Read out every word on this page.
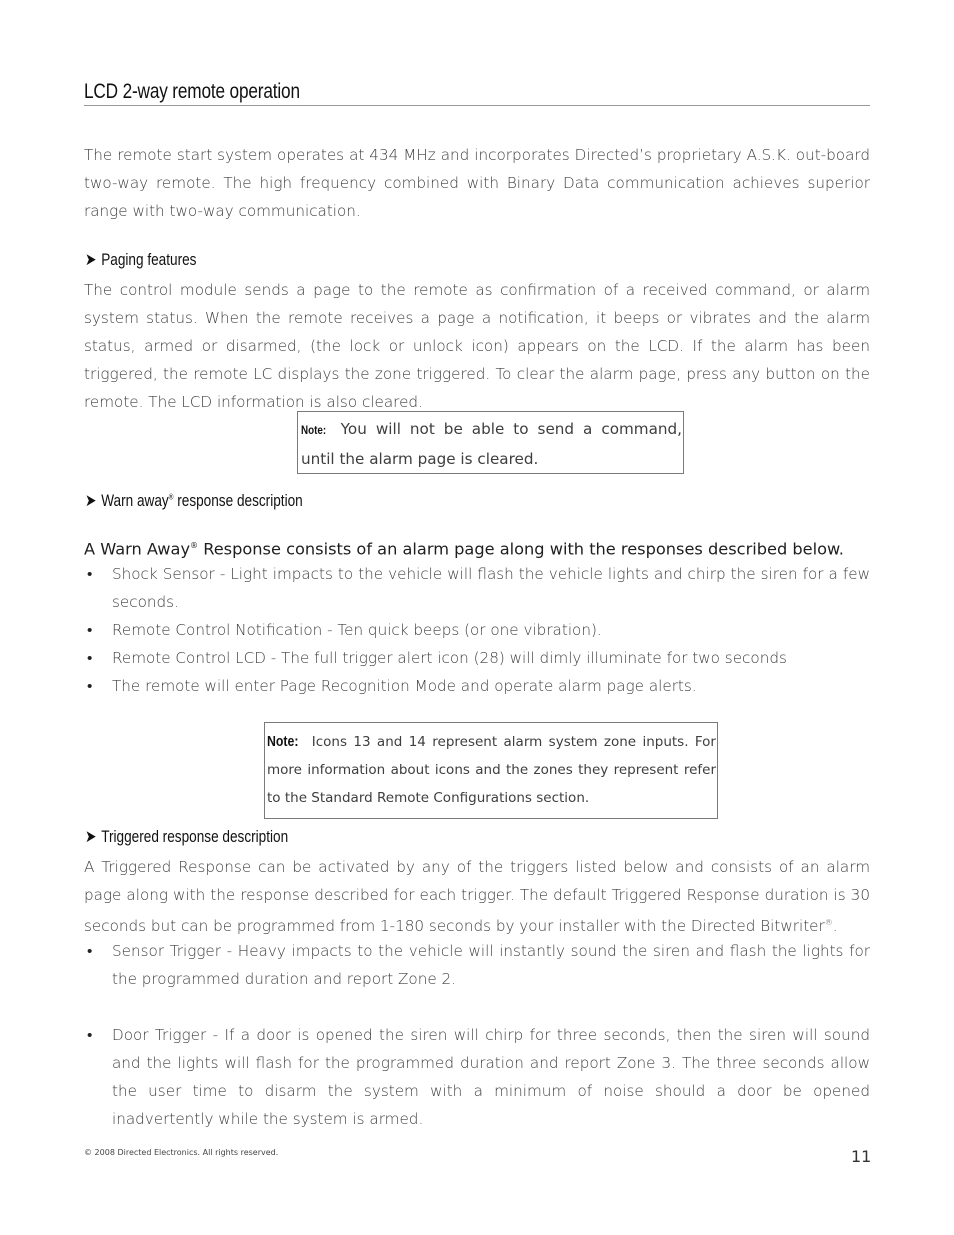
LCD 2-way remote operation

The remote start system operates at 434 MHz and incorporates Directed’s proprietary A.S.K. out-board two-way remote. The high frequency combined with Binary Data communication achieves superior range with two-way communication.

➤ Paging features

The control module sends a page to the remote as confirmation of a received command, or alarm system status. When the remote receives a page a notification, it beeps or vibrates and the alarm status, armed or disarmed, (the lock or unlock icon) appears on the LCD. If the alarm has been triggered, the remote LC displays the zone triggered. To clear the alarm page, press any button on the remote. The LCD information is also cleared.

Note: You will not be able to send a command, until the alarm page is cleared.
➤ Warn away® response description
A Warn Away® Response consists of an alarm page along with the responses described below.
• Shock Sensor - Light impacts to the vehicle will flash the vehicle lights and chirp the siren for a few seconds.
• Remote Control Notification - Ten quick beeps (or one vibration).
• Remote Control LCD - The full trigger alert icon (28) will dimly illuminate for two seconds
• The remote will enter Page Recognition Mode and operate alarm page alerts.
Note: Icons 13 and 14 represent alarm system zone inputs. For more information about icons and the zones they represent refer to the Standard Remote Configurations section.
➤ Triggered response description

A Triggered Response can be activated by any of the triggers listed below and consists of an alarm page along with the response described for each trigger. The default Triggered Response duration is 30 seconds but can be programmed from 1-180 seconds by your installer with the Directed Bitwriter®.

• Sensor Trigger - Heavy impacts to the vehicle will instantly sound the siren and flash the lights for the programmed duration and report Zone 2.
• Door Trigger - If a door is opened the siren will chirp for three seconds, then the siren will sound and the lights will flash for the programmed duration and report Zone 3. The three seconds allow the user time to disarm the system with a minimum of noise should a door be opened inadvertently while the system is armed.
© 2008 Directed Electronics. All rights reserved.	11
